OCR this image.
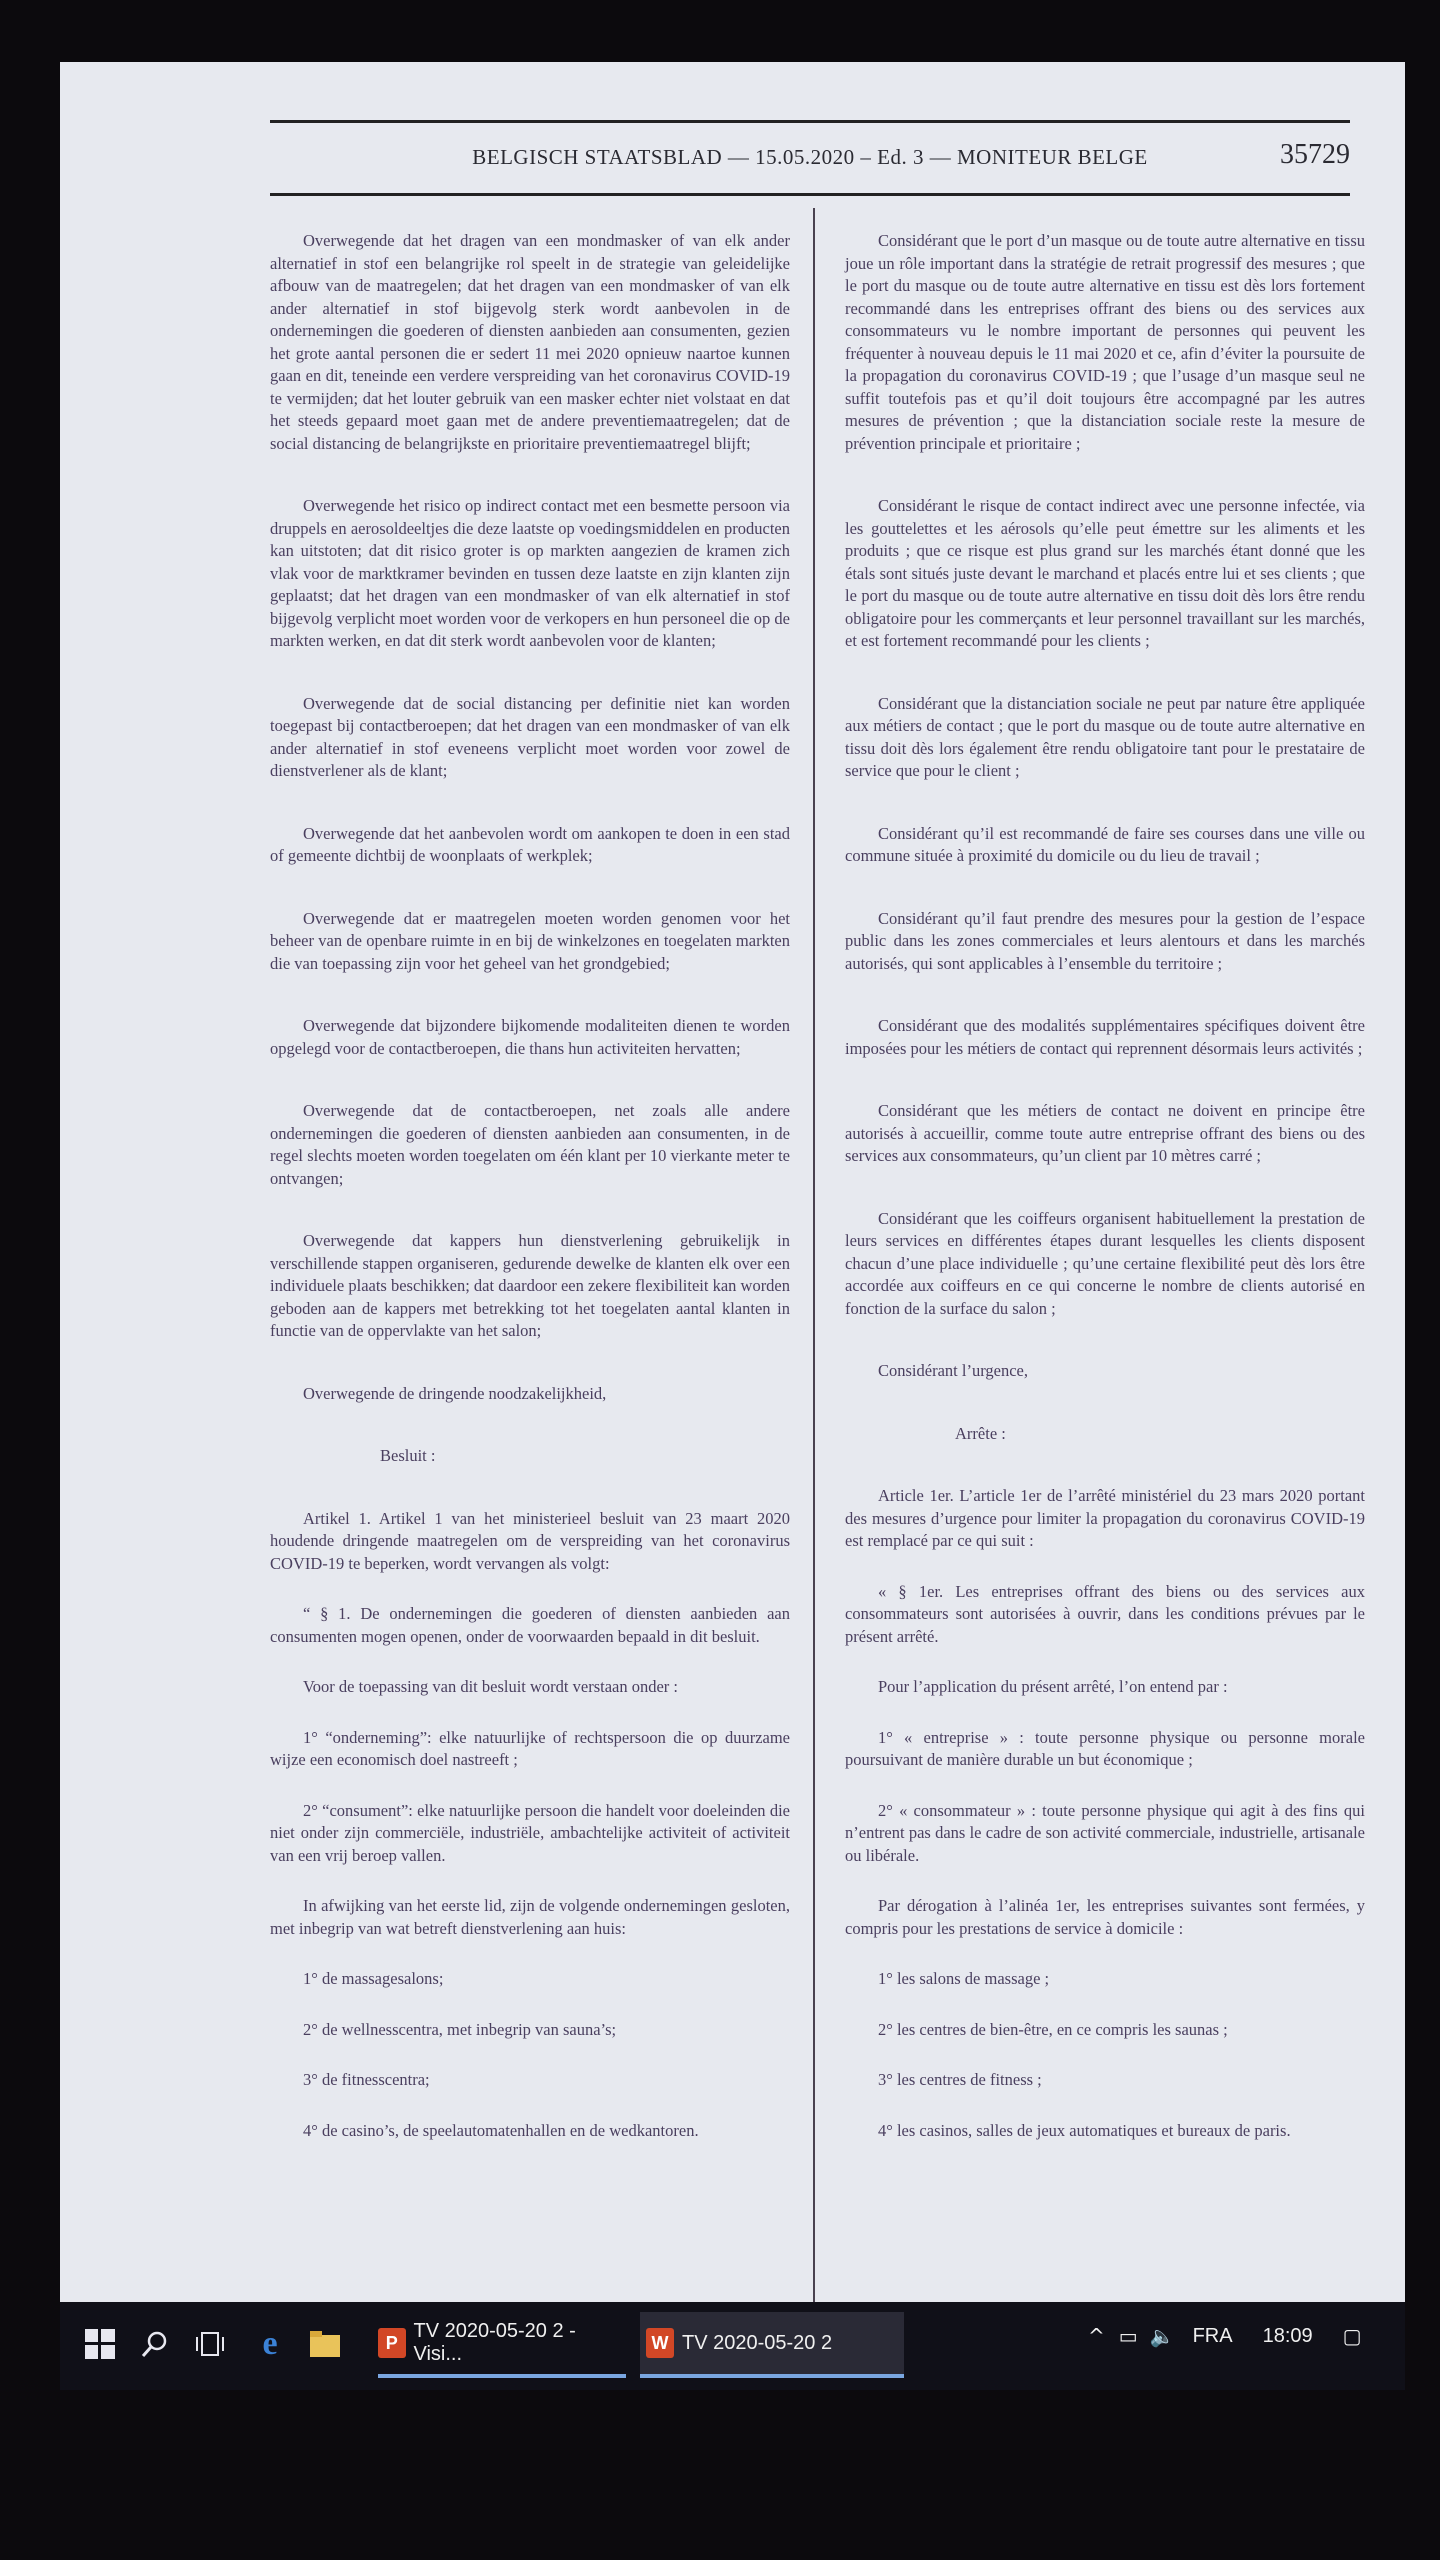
BELGISCH STAATSBLAD — 15.05.2020 – Ed. 3 — MONITEUR BELGE	35729

Overwegende dat het dragen van een mondmasker of van elk ander alternatief in stof een belangrijke rol speelt in de strategie van geleidelijke afbouw van de maatregelen; dat het dragen van een mondmasker of van elk ander alternatief in stof bijgevolg sterk wordt aanbevolen in de ondernemingen die goederen of diensten aanbieden aan consumenten, gezien het grote aantal personen die er sedert 11 mei 2020 opnieuw naartoe kunnen gaan en dit, teneinde een verdere verspreiding van het coronavirus COVID-19 te vermijden; dat het louter gebruik van een masker echter niet volstaat en dat het steeds gepaard moet gaan met de andere preventiemaatregelen; dat de social distancing de belangrijkste en prioritaire preventiemaatregel blijft;

Overwegende het risico op indirect contact met een besmette persoon via druppels en aerosoldeeltjes die deze laatste op voedingsmiddelen en producten kan uitstoten; dat dit risico groter is op markten aangezien de kramen zich vlak voor de marktkramer bevinden en tussen deze laatste en zijn klanten zijn geplaatst; dat het dragen van een mondmasker of van elk alternatief in stof bijgevolg verplicht moet worden voor de verkopers en hun personeel die op de markten werken, en dat dit sterk wordt aanbevolen voor de klanten;

Overwegende dat de social distancing per definitie niet kan worden toegepast bij contactberoepen; dat het dragen van een mondmasker of van elk ander alternatief in stof eveneens verplicht moet worden voor zowel de dienstverlener als de klant;

Overwegende dat het aanbevolen wordt om aankopen te doen in een stad of gemeente dichtbij de woonplaats of werkplek;

Overwegende dat er maatregelen moeten worden genomen voor het beheer van de openbare ruimte in en bij de winkelzones en toegelaten markten die van toepassing zijn voor het geheel van het grondgebied;

Overwegende dat bijzondere bijkomende modaliteiten dienen te worden opgelegd voor de contactberoepen, die thans hun activiteiten hervatten;

Overwegende dat de contactberoepen, net zoals alle andere ondernemingen die goederen of diensten aanbieden aan consumenten, in de regel slechts moeten worden toegelaten om één klant per 10 vierkante meter te ontvangen;

Overwegende dat kappers hun dienstverlening gebruikelijk in verschillende stappen organiseren, gedurende dewelke de klanten elk over een individuele plaats beschikken; dat daardoor een zekere flexibiliteit kan worden geboden aan de kappers met betrekking tot het toegelaten aantal klanten in functie van de oppervlakte van het salon;

Overwegende de dringende noodzakelijkheid,

Besluit :

Artikel 1. Artikel 1 van het ministerieel besluit van 23 maart 2020 houdende dringende maatregelen om de verspreiding van het coronavirus COVID-19 te beperken, wordt vervangen als volgt:

“ § 1. De ondernemingen die goederen of diensten aanbieden aan consumenten mogen openen, onder de voorwaarden bepaald in dit besluit.

Voor de toepassing van dit besluit wordt verstaan onder :

1° “onderneming”: elke natuurlijke of rechtspersoon die op duurzame wijze een economisch doel nastreeft ;

2° “consument”: elke natuurlijke persoon die handelt voor doeleinden die niet onder zijn commerciële, industriële, ambachtelijke activiteit of activiteit van een vrij beroep vallen.

In afwijking van het eerste lid, zijn de volgende ondernemingen gesloten, met inbegrip van wat betreft dienstverlening aan huis:

1° de massagesalons;

2° de wellnesscentra, met inbegrip van sauna’s;

3° de fitnesscentra;

4° de casino’s, de speelautomatenhallen en de wedkantoren.

Considérant que le port d’un masque ou de toute autre alternative en tissu joue un rôle important dans la stratégie de retrait progressif des mesures ; que le port du masque ou de toute autre alternative en tissu est dès lors fortement recommandé dans les entreprises offrant des biens ou des services aux consommateurs vu le nombre important de personnes qui peuvent les fréquenter à nouveau depuis le 11 mai 2020 et ce, afin d’éviter la poursuite de la propagation du coronavirus COVID-19 ; que l’usage d’un masque seul ne suffit toutefois pas et qu’il doit toujours être accompagné par les autres mesures de prévention ; que la distanciation sociale reste la mesure de prévention principale et prioritaire ;

Considérant le risque de contact indirect avec une personne infectée, via les gouttelettes et les aérosols qu’elle peut émettre sur les aliments et les produits ; que ce risque est plus grand sur les marchés étant donné que les étals sont situés juste devant le marchand et placés entre lui et ses clients ; que le port du masque ou de toute autre alternative en tissu doit dès lors être rendu obligatoire pour les commerçants et leur personnel travaillant sur les marchés, et est fortement recommandé pour les clients ;

Considérant que la distanciation sociale ne peut par nature être appliquée aux métiers de contact ; que le port du masque ou de toute autre alternative en tissu doit dès lors également être rendu obligatoire tant pour le prestataire de service que pour le client ;

Considérant qu’il est recommandé de faire ses courses dans une ville ou commune située à proximité du domicile ou du lieu de travail ;

Considérant qu’il faut prendre des mesures pour la gestion de l’espace public dans les zones commerciales et leurs alentours et dans les marchés autorisés, qui sont applicables à l’ensemble du territoire ;

Considérant que des modalités supplémentaires spécifiques doivent être imposées pour les métiers de contact qui reprennent désormais leurs activités ;

Considérant que les métiers de contact ne doivent en principe être autorisés à accueillir, comme toute autre entreprise offrant des biens ou des services aux consommateurs, qu’un client par 10 mètres carré ;

Considérant que les coiffeurs organisent habituellement la prestation de leurs services en différentes étapes durant lesquelles les clients disposent chacun d’une place individuelle ; qu’une certaine flexibilité peut dès lors être accordée aux coiffeurs en ce qui concerne le nombre de clients autorisé en fonction de la surface du salon ;

Considérant l’urgence,

Arrête :

Article 1er. L’article 1er de l’arrêté ministériel du 23 mars 2020 portant des mesures d’urgence pour limiter la propagation du coronavirus COVID-19 est remplacé par ce qui suit :

« § 1er. Les entreprises offrant des biens ou des services aux consommateurs sont autorisées à ouvrir, dans les conditions prévues par le présent arrêté.

Pour l’application du présent arrêté, l’on entend par :

1° « entreprise » : toute personne physique ou personne morale poursuivant de manière durable un but économique ;

2° « consommateur » : toute personne physique qui agit à des fins qui n’entrent pas dans le cadre de son activité commerciale, industrielle, artisanale ou libérale.

Par dérogation à l’alinéa 1er, les entreprises suivantes sont fermées, y compris pour les prestations de service à domicile :

1° les salons de massage ;

2° les centres de bien-être, en ce compris les saunas ;

3° les centres de fitness ;

4° les casinos, salles de jeux automatiques et bureaux de paris.

e	P
TV 2020-05-20 2 - Visi...
W TV 2020-05-20 2	^ ▭ 🔈 FRA 18:09 ▢
